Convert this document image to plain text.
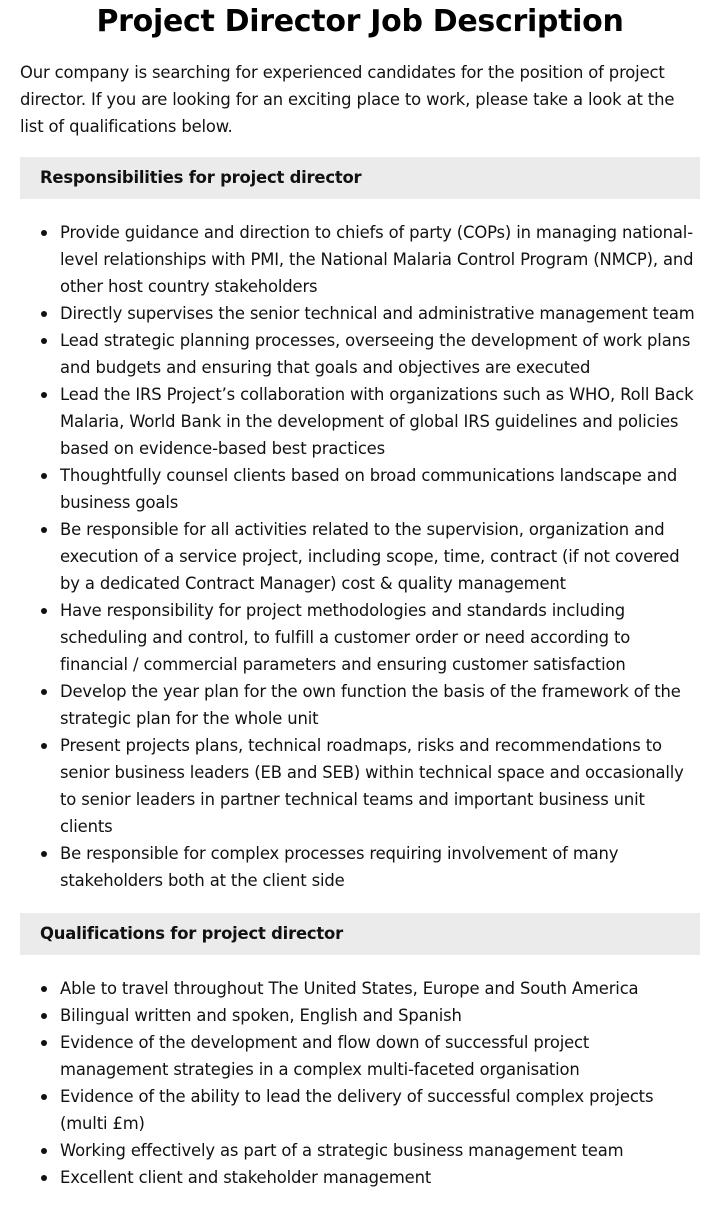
Project Director Job Description

Our company is searching for experienced candidates for the position of project director. If you are looking for an exciting place to work, please take a look at the list of qualifications below.

Responsibilities for project director
Provide guidance and direction to chiefs of party (COPs) in managing national-level relationships with PMI, the National Malaria Control Program (NMCP), and other host country stakeholders
Directly supervises the senior technical and administrative management team
Lead strategic planning processes, overseeing the development of work plans and budgets and ensuring that goals and objectives are executed
Lead the IRS Project’s collaboration with organizations such as WHO, Roll Back Malaria, World Bank in the development of global IRS guidelines and policies based on evidence-based best practices
Thoughtfully counsel clients based on broad communications landscape and business goals
Be responsible for all activities related to the supervision, organization and execution of a service project, including scope, time, contract (if not covered by a dedicated Contract Manager) cost & quality management
Have responsibility for project methodologies and standards including scheduling and control, to fulfill a customer order or need according to financial / commercial parameters and ensuring customer satisfaction
Develop the year plan for the own function the basis of the framework of the strategic plan for the whole unit
Present projects plans, technical roadmaps, risks and recommendations to senior business leaders (EB and SEB) within technical space and occasionally to senior leaders in partner technical teams and important business unit clients
Be responsible for complex processes requiring involvement of many stakeholders both at the client side
Qualifications for project director
Able to travel throughout The United States, Europe and South America
Bilingual written and spoken, English and Spanish
Evidence of the development and flow down of successful project management strategies in a complex multi-faceted organisation
Evidence of the ability to lead the delivery of successful complex projects (multi £m)
Working effectively as part of a strategic business management team
Excellent client and stakeholder management
